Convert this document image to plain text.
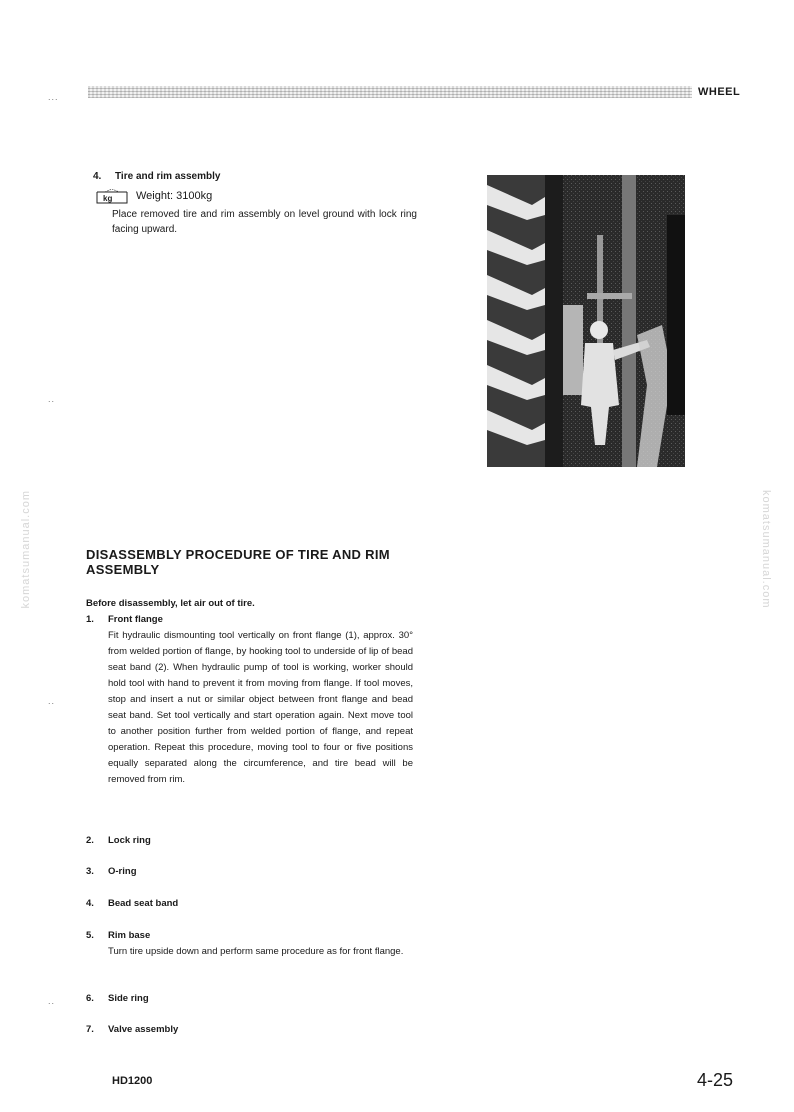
WHEEL
...
..
..
..
4. Tire and rim assembly
kg Weight: 3100kg
Place removed tire and rim assembly on level ground with lock ring facing upward.
komatsumanual.com	komatsumanual.com
DISASSEMBLY PROCEDURE OF TIRE AND RIM ASSEMBLY
Before disassembly, let air out of tire.
1. Front flange
Fit hydraulic dismounting tool vertically on front flange (1), approx. 30° from welded portion of flange, by hooking tool to underside of lip of bead seat band (2). When hydraulic pump of tool is working, worker should hold tool with hand to prevent it from moving from flange. If tool moves, stop and insert a nut or similar object between front flange and bead seat band. Set tool vertically and start operation again. Next move tool to another position further from welded portion of flange, and repeat operation. Repeat this procedure, moving tool to four or five positions equally separated along the circumference, and tire bead will be removed from rim.
2. Lock ring
3. O-ring
4. Bead seat band
5. Rim base
Turn tire upside down and perform same procedure as for front flange.
6. Side ring
7. Valve assembly
HD1200	4-25
